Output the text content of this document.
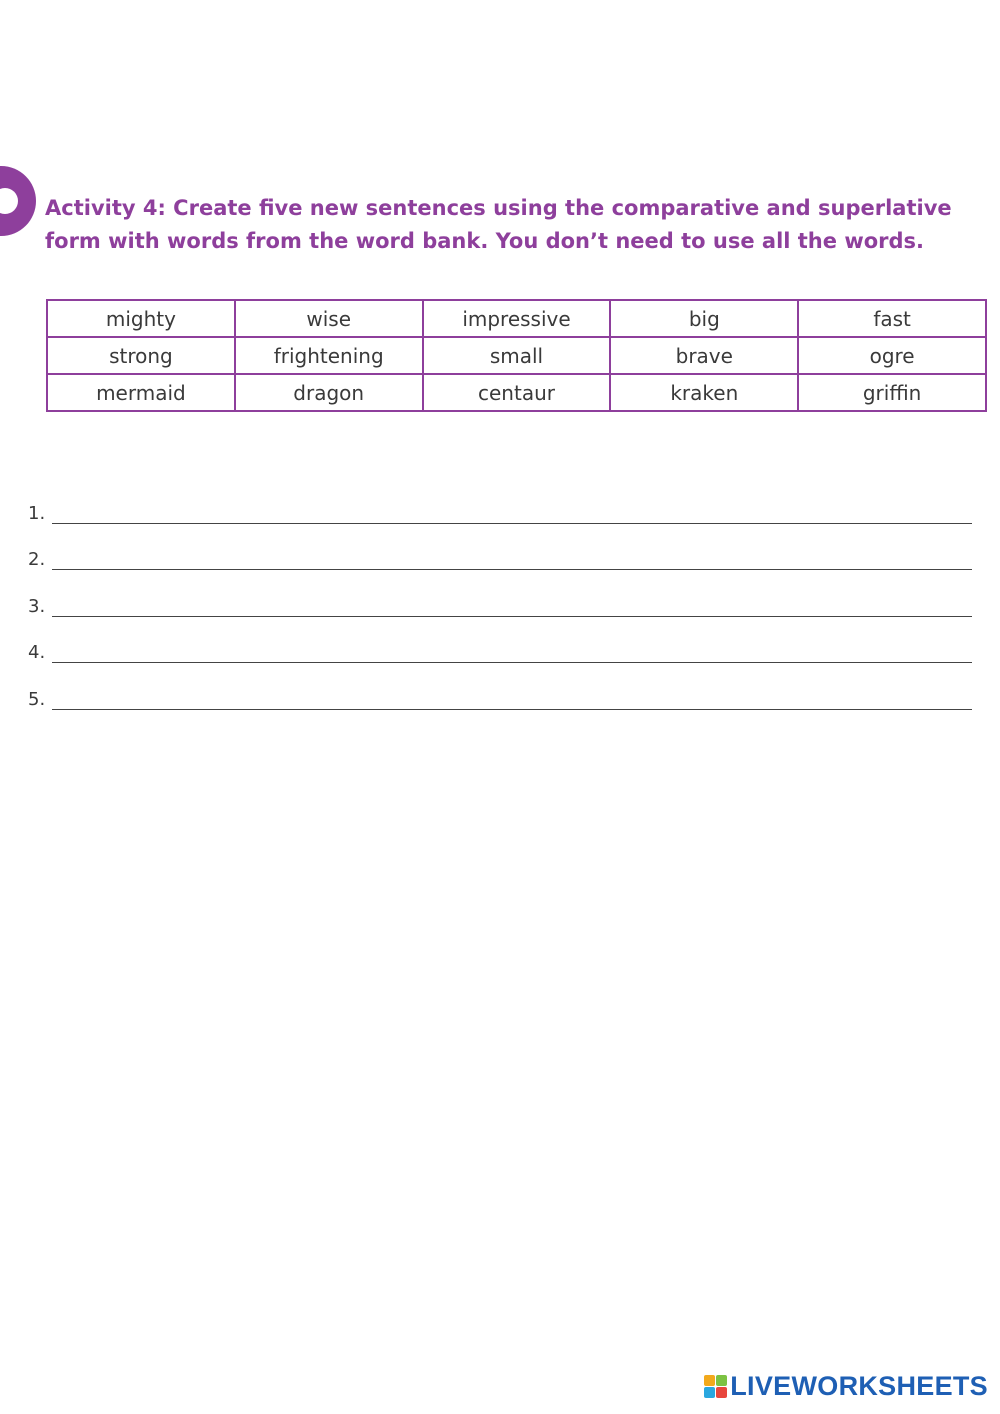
Activity 4: Create five new sentences using the comparative and superlative form with words from the word bank. You don’t need to use all the words.

mighty	wise	impressive	big	fast
strong	frightening	small	brave	ogre
mermaid	dragon	centaur	kraken	griffin
1.
2.
3.
4.
5.
LIVEWORKSHEETS
